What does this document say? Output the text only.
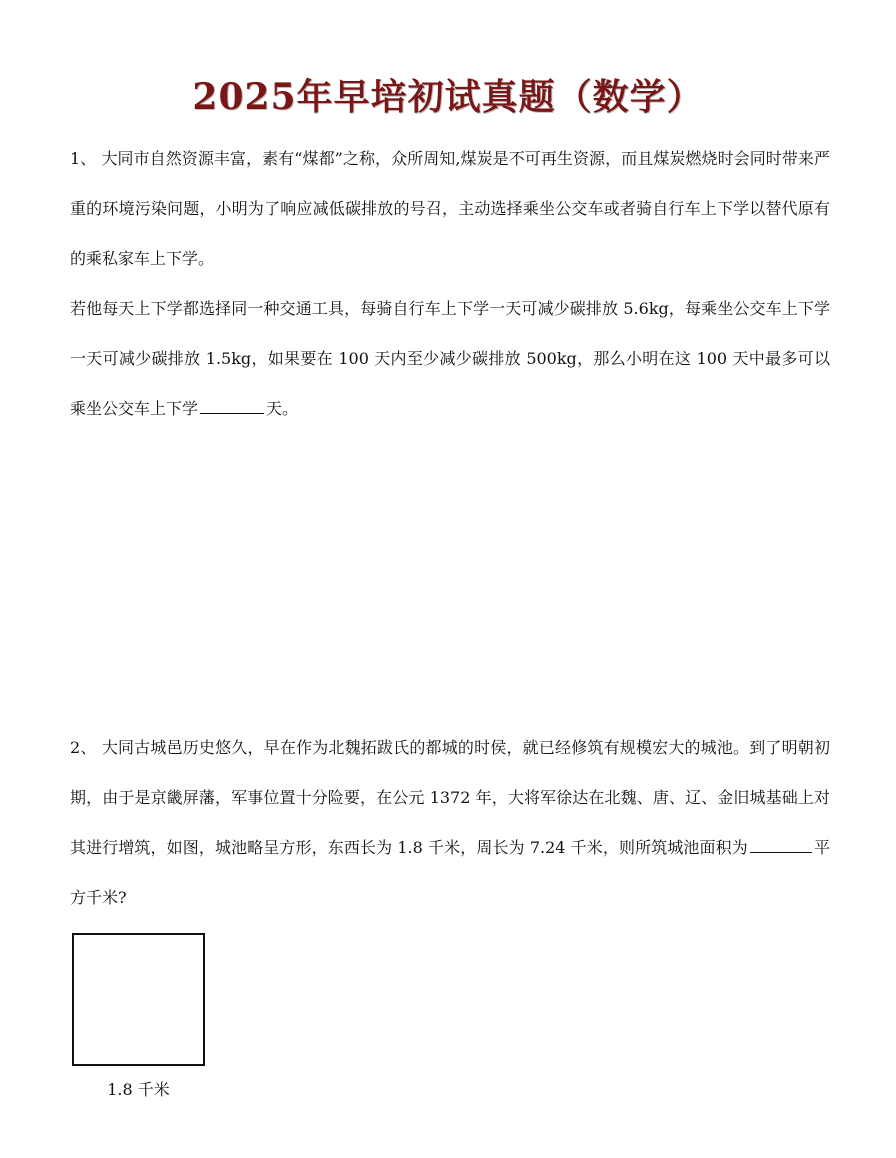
2025年早培初试真题（数学）
1、 大同市自然资源丰富，素有“煤都”之称，众所周知,煤炭是不可再生资源，而且煤炭燃烧时会同时带来严重的环境污染问题，小明为了响应减低碳排放的号召，主动选择乘坐公交车或者骑自行车上下学以替代原有的乘私家车上下学。
若他每天上下学都选择同一种交通工具，每骑自行车上下学一天可减少碳排放 5.6kg，每乘坐公交车上下学一天可减少碳排放 1.5kg，如果要在 100 天内至少减少碳排放 500kg，那么小明在这 100 天中最多可以乘坐公交车上下学	天。
2、 大同古城邑历史悠久，早在作为北魏拓跋氏的都城的时侯，就已经修筑有规模宏大的城池。到了明朝初期，由于是京畿屏藩，军事位置十分险要，在公元 1372 年，大将军徐达在北魏、唐、辽、金旧城基础上对其进行增筑，如图，城池略呈方形，东西长为 1.8 千米，周长为 7.24 千米，则所筑城池面积为	平方千米?
1.8 千米
